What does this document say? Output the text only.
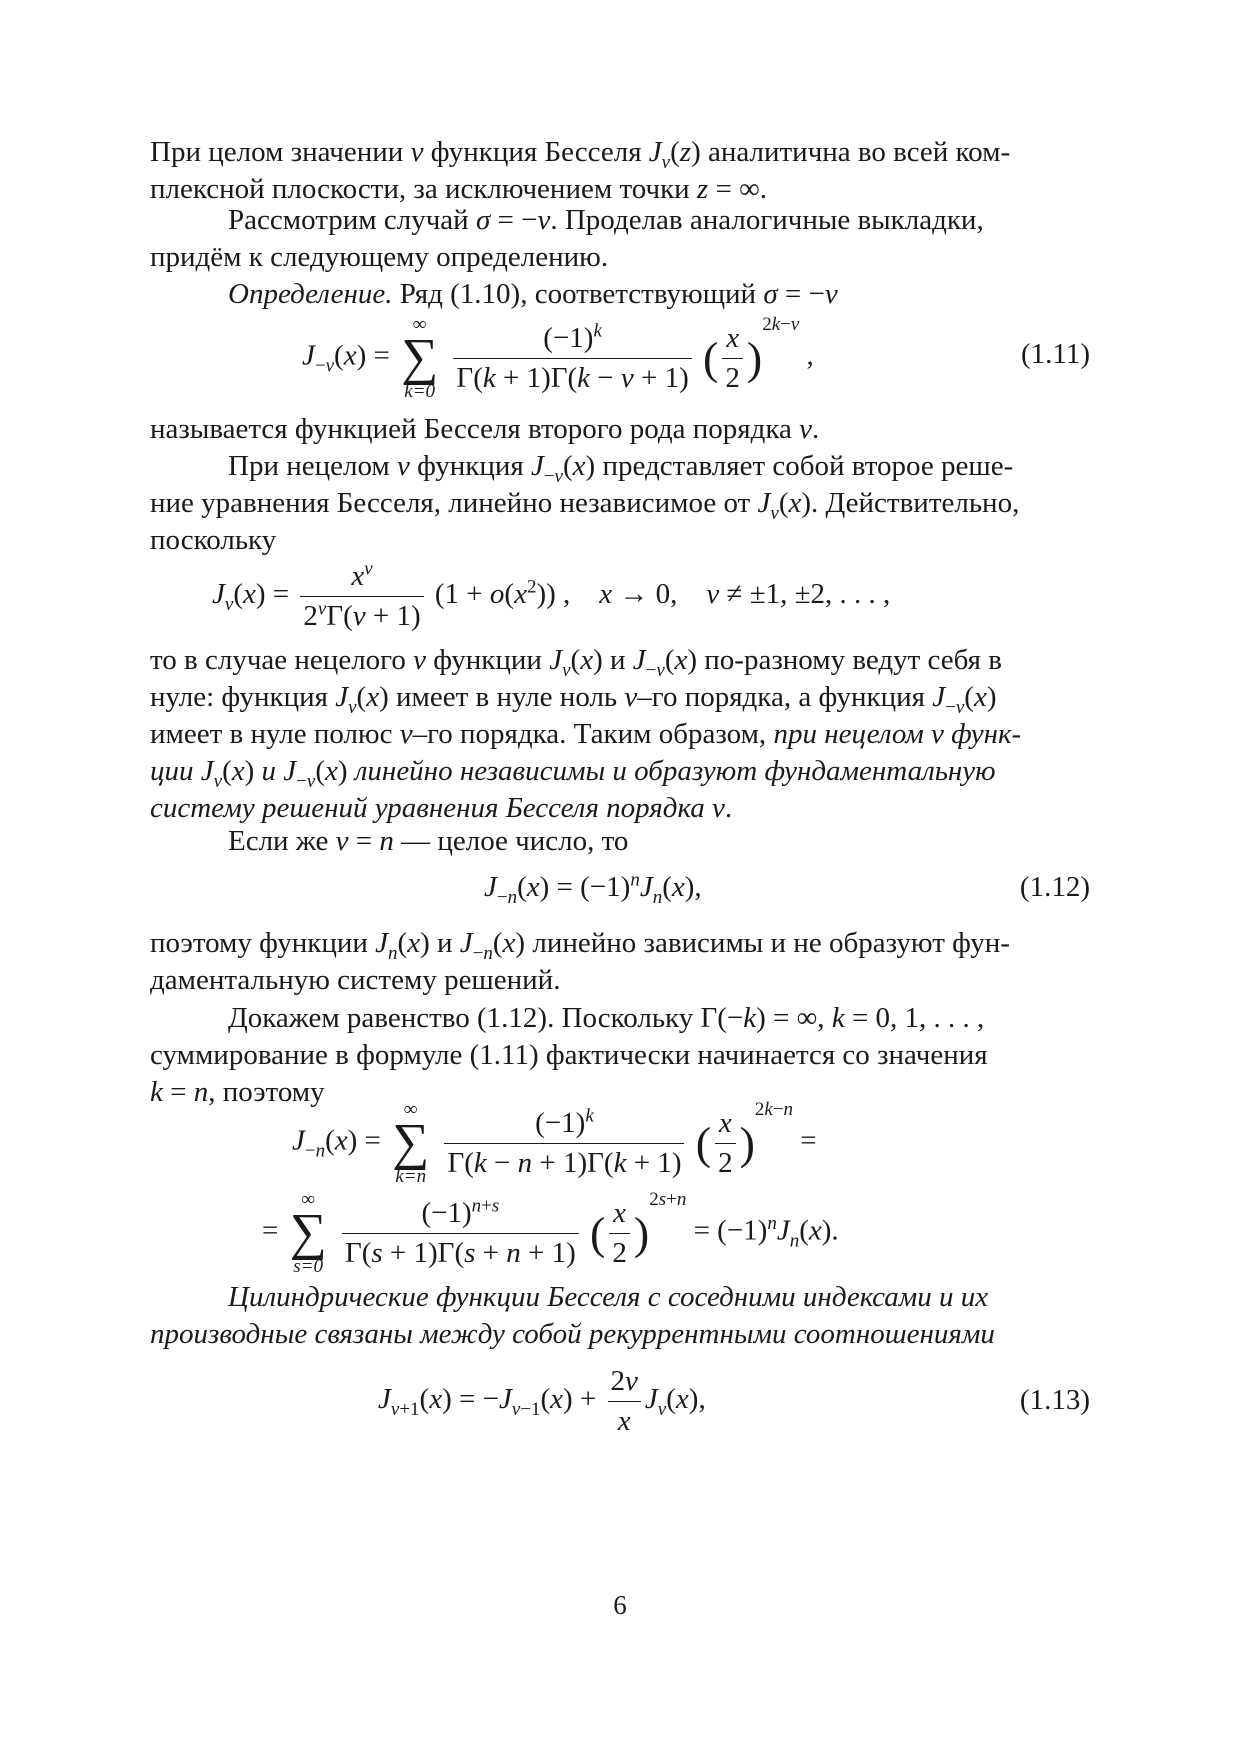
При целом значении ν функция Бесселя $J_\nu(z)$ аналитична во всей ком-
плексной плоскости, за исключением точки z = ∞.
Рассмотрим случай σ = −ν. Проделав аналогичные выкладки,
придём к следующему определению.
Определение. Ряд (1.10), соответствующий σ = −ν
$J_{-\nu}(x)$ =
∞
∑
k=0
$\frac{(-1)^k}{\Gamma(k + 1)\Gamma(k - \nu + 1)}$ ( $\frac{x}{2} )^{2k-\nu}$ ,	(1.11)
называется функцией Бесселя второго рода порядка ν.
При нецелом ν функция $J_{-\nu}(x)$ представляет собой второе реше-
ние уравнения Бесселя, линейно независимое от $J_\nu(x)$. Действительно,
поскольку
$J_\nu(x) = \frac{x^\nu}{2^\nu\Gamma(\nu + 1)} (1 + o(x^2))$ ,    x → 0,    ν ≠ ±1, ±2, . . . ,
то в случае нецелого ν функции $J_\nu(x)$ и $J_{-\nu}(x)$ по-разному ведут себя в
нуле: функция $J_\nu(x)$ имеет в нуле ноль ν–го порядка, а функция $J_{-\nu}(x)$
имеет в нуле полюс ν–го порядка. Таким образом, при нецелом ν функ-
ции $J_\nu(x)$ и $J_{-\nu}(x)$ линейно независимы и образуют фундаментальную
систему решений уравнения Бесселя порядка ν.
Если же ν = n — целое число, то
$J_{-n}(x) = (-1)^nJ_n(x)$,	(1.12)
поэтому функции $J_n(x)$ и $J_{-n}(x)$ линейно зависимы и не образуют фун-
даментальную систему решений.
Докажем равенство (1.12). Поскольку Γ(−k) = ∞, k = 0, 1, . . . ,
суммирование в формуле (1.11) фактически начинается со значения
k = n, поэтому
$J_{-n}(x)$ =
∞
∑
k=n
$\frac{(-1)^k}{\Gamma(k - n + 1)\Gamma(k + 1)}$ ( $\frac{x}{2} )^{2k-n}$ =
=
∞
∑
s=0
$\frac{(-1)^{n+s}}{\Gamma(s + 1)\Gamma(s + n + 1)}$ ( $\frac{x}{2} )^{2s+n} = (-1)^nJ_n(x)$.
Цилиндрические функции Бесселя с соседними индексами и их
производные связаны между собой рекуррентными соотношениями
$J_{\nu+1}(x) = -J_{\nu-1}(x) + \frac{2\nu}{x} J_\nu(x)$,	(1.13)
6
